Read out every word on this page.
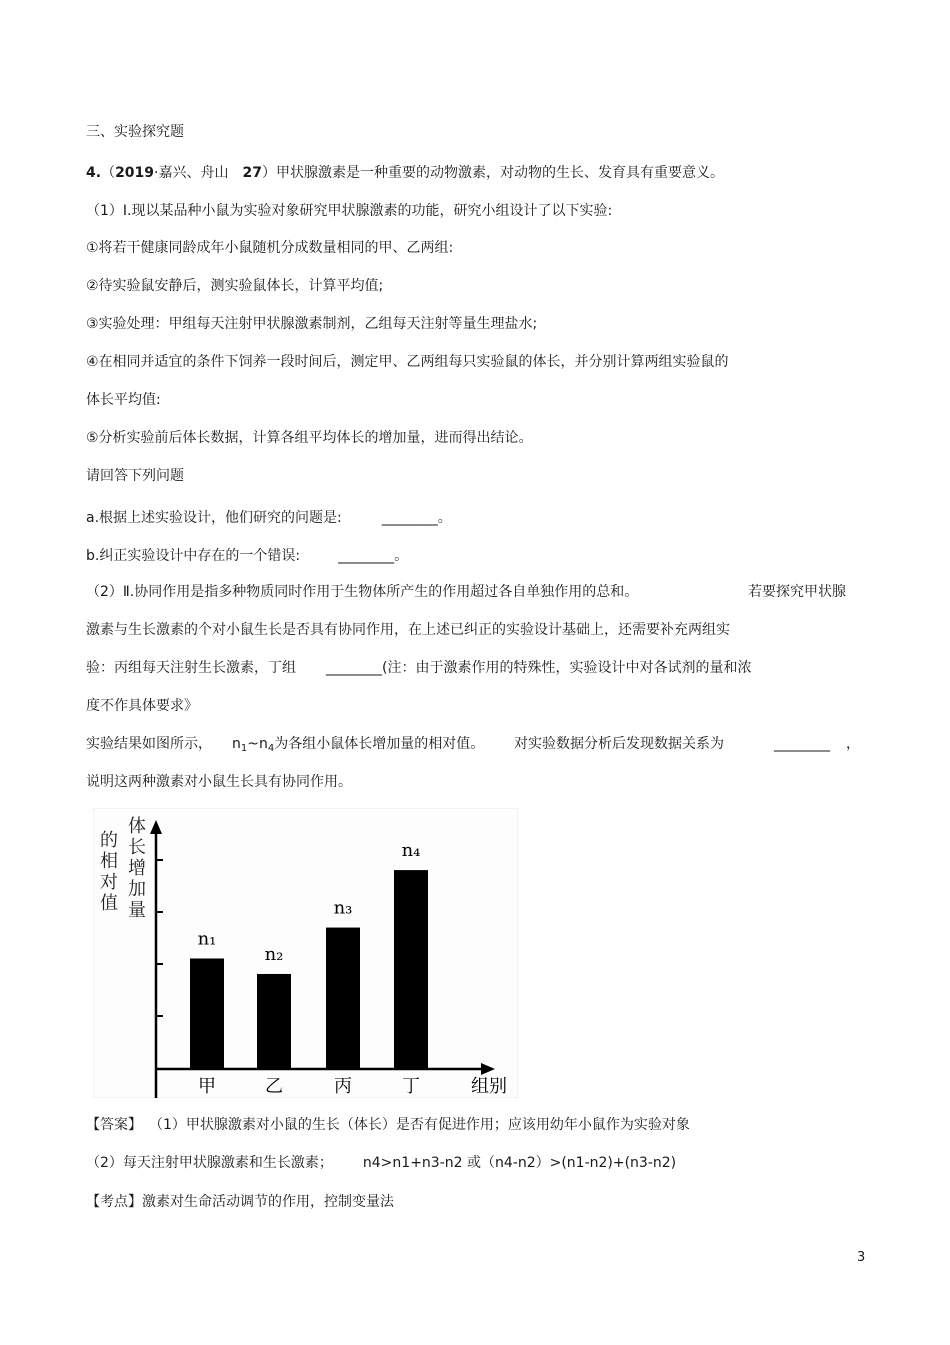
三、实验探究题
4.（2019·嘉兴、舟山 27）甲状腺激素是一种重要的动物激素，对动物的生长、发育具有重要意义。
（1）Ⅰ.现以某品种小鼠为实验对象研究甲状腺激素的功能，研究小组设计了以下实验:
①将若干健康同龄成年小鼠随机分成数量相同的甲、乙两组:
②待实验鼠安静后，测实验鼠体长，计算平均值;
③实验处理：甲组每天注射甲状腺激素制剂，乙组每天注射等量生理盐水;
④在相同并适宜的条件下饲养一段时间后，测定甲、乙两组每只实验鼠的体长，并分别计算两组实验鼠的
体长平均值:
⑤分析实验前后体长数据，计算各组平均体长的增加量，进而得出结论。
请回答下列问题
a.根据上述实验设计，他们研究的问题是:	________。
b.纠正实验设计中存在的一个错误:	________。
（2）Ⅱ.协同作用是指多种物质同时作用于生物体所产生的作用超过各自单独作用的总和。	若要探究甲状腺
激素与生长激素的个对小鼠生长是否具有协同作用，在上述已纠正的实验设计基础上，还需要补充两组实
验：丙组每天注射生长激素，丁组 ________(注：由于激素作用的特殊性，实验设计中对各试剂的量和浓
度不作具体要求》
实验结果如图所示， $n_1\sim n_4$为各组小鼠体长增加量的相对值。 对实验数据分析后发现数据关系为	________ ，
说明这两种激素对小鼠生长具有协同作用。
体
长
增
加
量
的
相
对
值
n₁
n₂
n₃
n₄
甲	乙	丙	丁	组别
【答案】 （1）甲状腺激素对小鼠的生长（体长）是否有促进作用；应该用幼年小鼠作为实验对象
（2）每天注射甲状腺激素和生长激素； n4>n1+n3-n2 或（n4-n2）>(n1-n2)+(n3-n2)
【考点】激素对生命活动调节的作用，控制变量法
3
